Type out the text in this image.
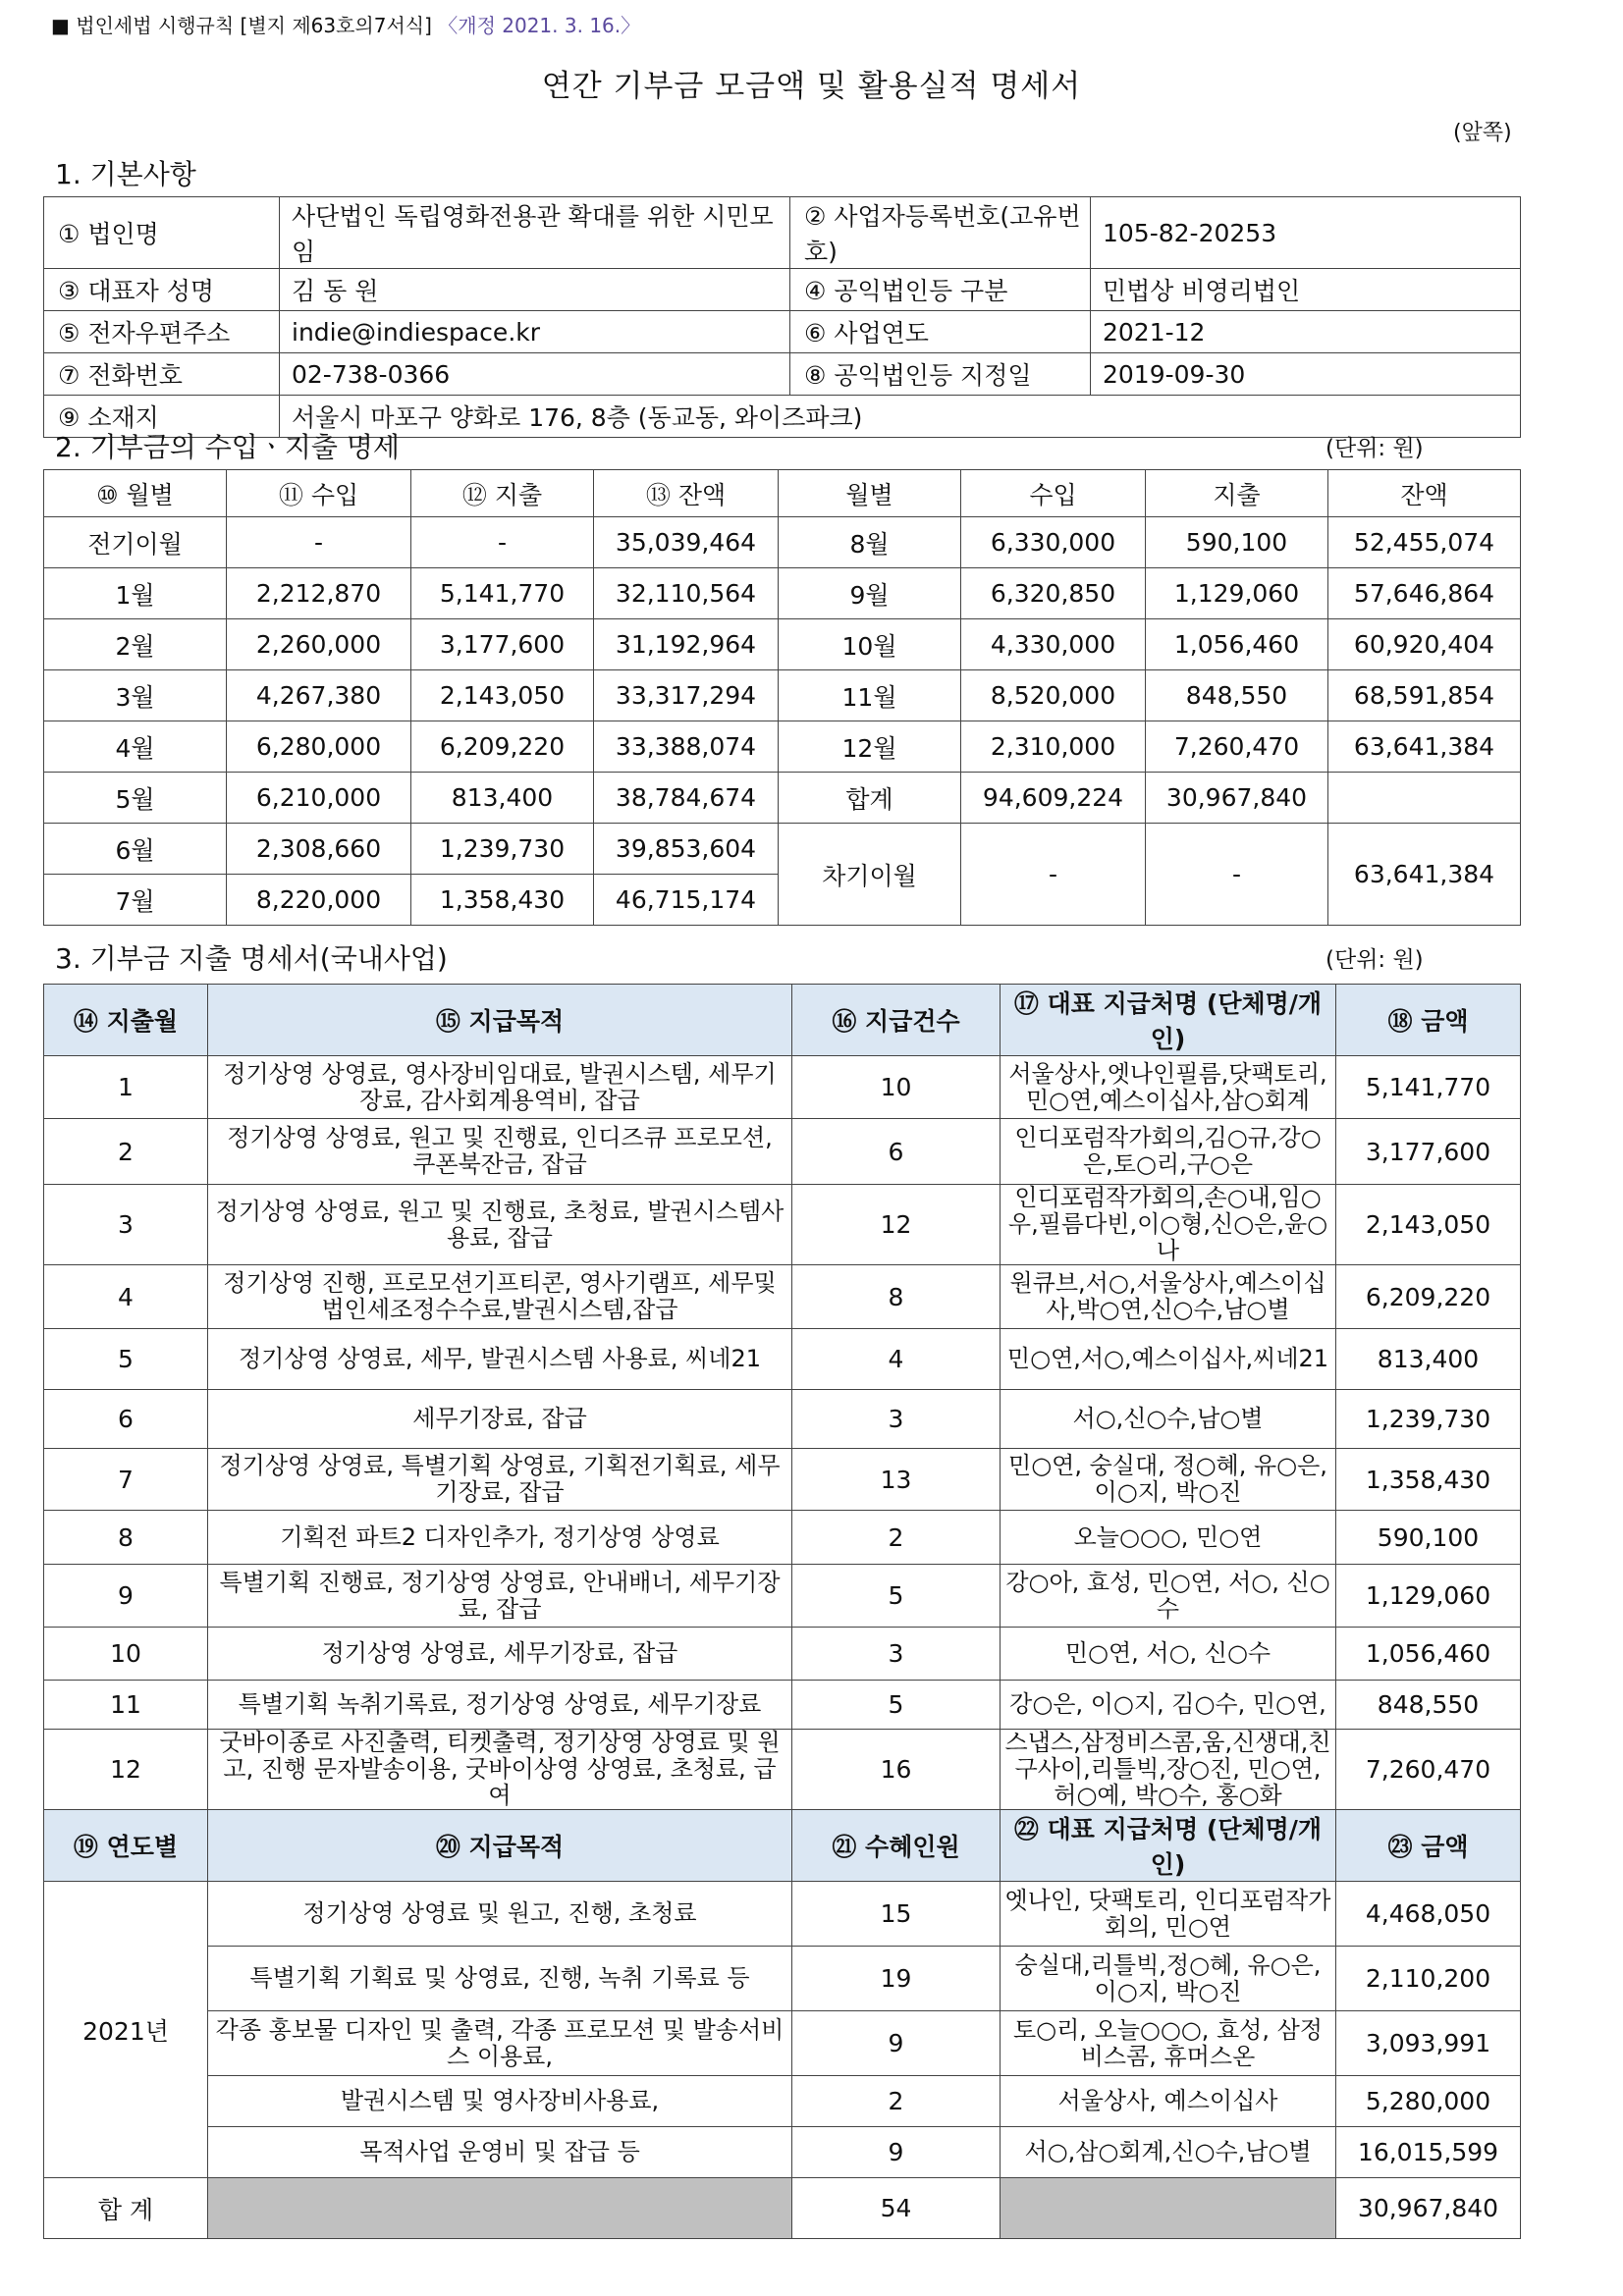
■ 법인세법 시행규칙 [별지 제63호의7서식] 〈개정 2021. 3. 16.〉
연간 기부금 모금액 및 활용실적 명세서
(앞쪽)
1. 기본사항
① 법인명	사단법인 독립영화전용관 확대를 위한 시민모임	② 사업자등록번호(고유번호)	105-82-20253
③ 대표자 성명	김 동 원	④ 공익법인등 구분	민법상 비영리법인
⑤ 전자우편주소	indie@indiespace.kr	⑥ 사업연도	2021-12
⑦ 전화번호	02-738-0366	⑧ 공익법인등 지정일	2019-09-30
⑨ 소재지	서울시 마포구 양화로 176, 8층 (동교동, 와이즈파크)		
2. 기부금의 수입ㆍ지출 명세	(단위: 원)
⑩ 월별	⑪ 수입	⑫ 지출	⑬ 잔액	월별	수입	지출	잔액
전기이월	-	-	35,039,464	8월	6,330,000	590,100	52,455,074
1월	2,212,870	5,141,770	32,110,564	9월	6,320,850	1,129,060	57,646,864
2월	2,260,000	3,177,600	31,192,964	10월	4,330,000	1,056,460	60,920,404
3월	4,267,380	2,143,050	33,317,294	11월	8,520,000	848,550	68,591,854
4월	6,280,000	6,209,220	33,388,074	12월	2,310,000	7,260,470	63,641,384
5월	6,210,000	813,400	38,784,674	합계	94,609,224	30,967,840	
6월	2,308,660	1,239,730	39,853,604	차기이월	-	-	63,641,384
7월	8,220,000	1,358,430	46,715,174				
3. 기부금 지출 명세서(국내사업)	(단위: 원)
⑭ 지출월	⑮ 지급목적	⑯ 지급건수	⑰ 대표 지급처명 (단체명/개인)	⑱ 금액
1	정기상영 상영료, 영사장비임대료, 발권시스템, 세무기장료, 감사회계용역비, 잡급	10	서울상사,엣나인필름,닷팩토리,민○연,예스이십사,삼○회계	5,141,770
2	정기상영 상영료, 원고 및 진행료, 인디즈큐 프로모션, 쿠폰북잔금, 잡급	6	인디포럼작가회의,김○규,강○은,토○리,구○은	3,177,600
3	정기상영 상영료, 원고 및 진행료, 초청료, 발권시스템사용료, 잡급	12	인디포럼작가회의,손○내,임○우,필름다빈,이○형,신○은,윤○나	2,143,050
4	정기상영 진행, 프로모션기프티콘, 영사기램프, 세무및법인세조정수수료,발권시스템,잡급	8	원큐브,서○,서울상사,예스이십사,박○연,신○수,남○별	6,209,220
5	정기상영 상영료, 세무, 발권시스템 사용료, 씨네21	4	민○연,서○,예스이십사,씨네21	813,400
6	세무기장료, 잡급	3	서○,신○수,남○별	1,239,730
7	정기상영 상영료, 특별기획 상영료, 기획전기획료, 세무기장료, 잡급	13	민○연, 숭실대, 정○혜, 유○은, 이○지, 박○진	1,358,430
8	기획전 파트2 디자인추가, 정기상영 상영료	2	오늘○○○, 민○연	590,100
9	특별기획 진행료, 정기상영 상영료, 안내배너, 세무기장료, 잡급	5	강○아, 효성, 민○연, 서○, 신○수	1,129,060
10	정기상영 상영료, 세무기장료, 잡급	3	민○연, 서○, 신○수	1,056,460
11	특별기획 녹취기록료, 정기상영 상영료, 세무기장료	5	강○은, 이○지, 김○수, 민○연,	848,550
12	굿바이종로 사진출력, 티켓출력, 정기상영 상영료 및 원고, 진행 문자발송이용, 굿바이상영 상영료, 초청료, 급여	16	스냅스,삼정비스콤,움,신생대,친구사이,리틀빅,장○진, 민○연, 허○예, 박○수, 홍○화	7,260,470
⑲ 연도별	⑳ 지급목적	㉑ 수혜인원	㉒ 대표 지급처명 (단체명/개인)	㉓ 금액
2021년	정기상영 상영료 및 원고, 진행, 초청료	15	엣나인, 닷팩토리, 인디포럼작가회의, 민○연	4,468,050
	특별기획 기획료 및 상영료, 진행, 녹취 기록료 등	19	숭실대,리틀빅,정○혜, 유○은, 이○지, 박○진	2,110,200
	각종 홍보물 디자인 및 출력, 각종 프로모션 및 발송서비스 이용료,	9	토○리, 오늘○○○, 효성, 삼정비스콤, 휴머스온	3,093,991
	발권시스템 및 영사장비사용료,	2	서울상사, 예스이십사	5,280,000
	목적사업 운영비 및 잡급 등	9	서○,삼○회계,신○수,남○별	16,015,599
합 계		54		30,967,840
